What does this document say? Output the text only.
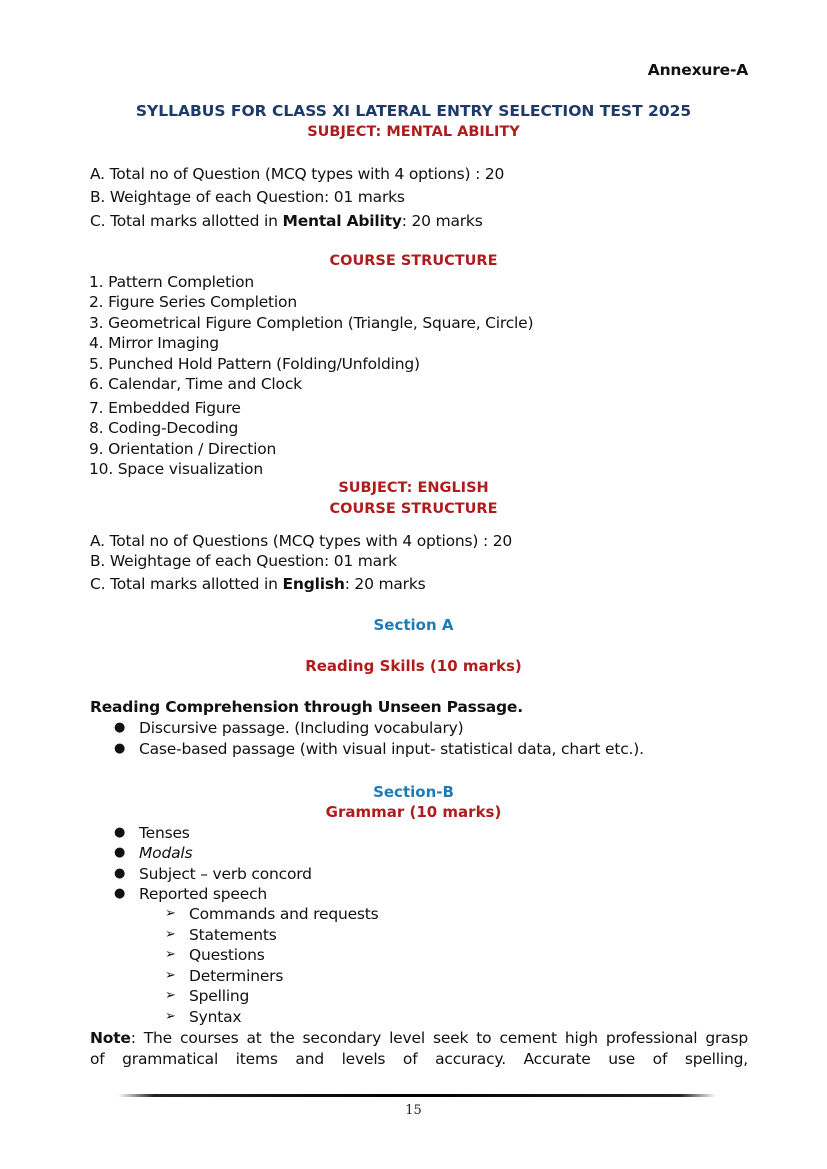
Annexure-A
SYLLABUS FOR CLASS XI LATERAL ENTRY SELECTION TEST 2025
SUBJECT: MENTAL ABILITY
A. Total no of Question (MCQ types with 4 options) : 20
B. Weightage of each Question: 01 marks
C. Total marks allotted in Mental Ability: 20 marks
COURSE STRUCTURE
1. Pattern Completion
2. Figure Series Completion
3. Geometrical Figure Completion (Triangle, Square, Circle)
4. Mirror Imaging
5. Punched Hold Pattern (Folding/Unfolding)
6. Calendar, Time and Clock
7. Embedded Figure
8. Coding-Decoding
9. Orientation / Direction
10. Space visualization
SUBJECT: ENGLISH
COURSE STRUCTURE
A. Total no of Questions (MCQ types with 4 options) : 20
B. Weightage of each Question: 01 mark
C. Total marks allotted in English: 20 marks
Section A
Reading Skills (10 marks)
Reading Comprehension through Unseen Passage.
● Discursive passage. (Including vocabulary)
● Case-based passage (with visual input- statistical data, chart etc.).
Section-B
Grammar (10 marks)
● Tenses
● Modals
● Subject – verb concord
● Reported speech
➢ Commands and requests
➢ Statements
➢ Questions
➢ Determiners
➢ Spelling
➢ Syntax
Note: The courses at the secondary level seek to cement high professional grasp
of grammatical items and levels of accuracy. Accurate use of spelling,
15
